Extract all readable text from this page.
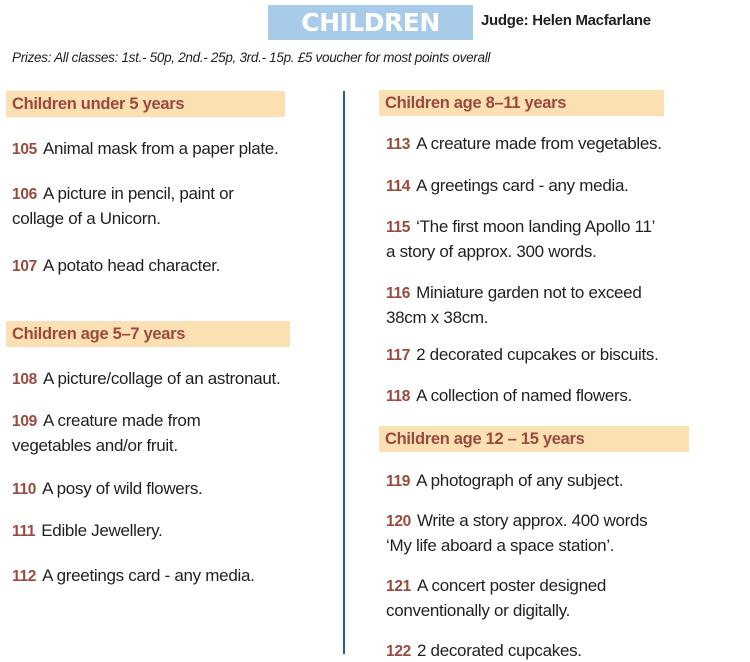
CHILDREN	Judge: Helen Macfarlane
Prizes: All classes: 1st.- 50p, 2nd.- 25p, 3rd.- 15p. £5 voucher for most points overall
Children under 5 years
105 Animal mask from a paper plate.
106 A picture in pencil, paint or
collage of a Unicorn.
107 A potato head character.
Children age 5–7 years
108 A picture/collage of an astronaut.
109 A creature made from
vegetables and/or fruit.
110 A posy of wild flowers.
111 Edible Jewellery.
112 A greetings card - any media.
Children age 8–11 years
113 A creature made from vegetables.
114 A greetings card - any media.
115 ‘The first moon landing Apollo 11’
a story of approx. 300 words.
116 Miniature garden not to exceed
38cm x 38cm.
117 2 decorated cupcakes or biscuits.
118 A collection of named flowers.
Children age 12 – 15 years
119 A photograph of any subject.
120 Write a story approx. 400 words
‘My life aboard a space station’.
121 A concert poster designed
conventionally or digitally.
122 2 decorated cupcakes.
